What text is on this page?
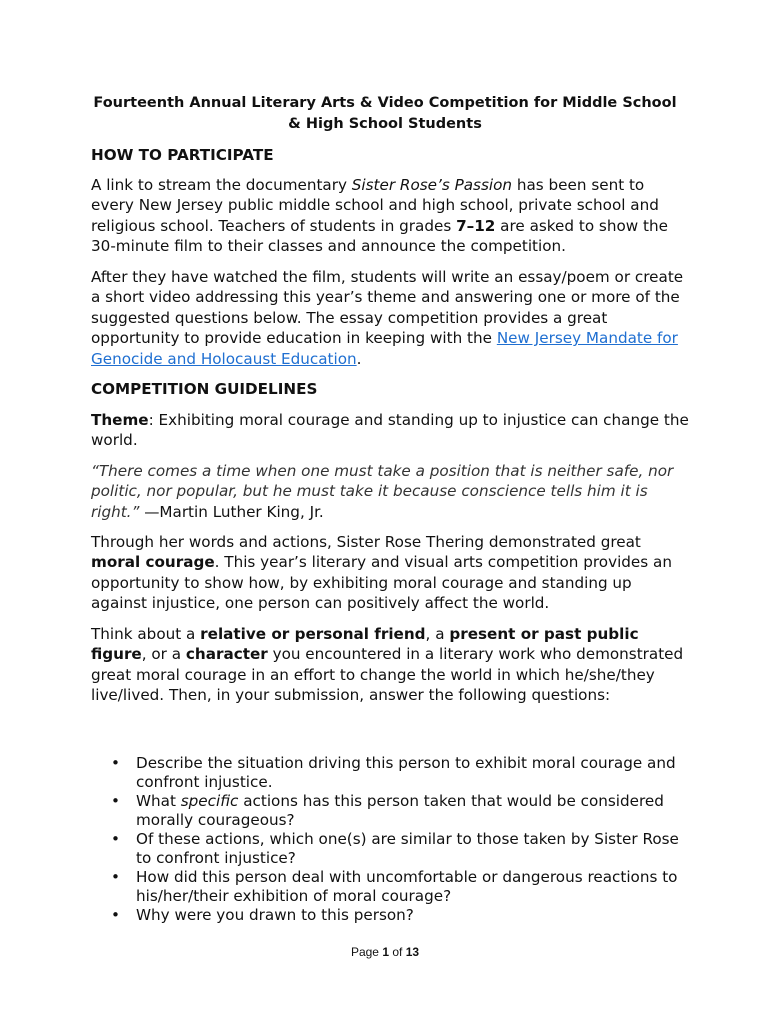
Fourteenth Annual Literary Arts & Video Competition for Middle School & High School Students
HOW TO PARTICIPATE
A link to stream the documentary Sister Rose’s Passion has been sent to every New Jersey public middle school and high school, private school and religious school. Teachers of students in grades 7–12 are asked to show the 30-minute film to their classes and announce the competition.
After they have watched the film, students will write an essay/poem or create a short video addressing this year’s theme and answering one or more of the suggested questions below. The essay competition provides a great opportunity to provide education in keeping with the New Jersey Mandate for Genocide and Holocaust Education.
COMPETITION GUIDELINES
Theme: Exhibiting moral courage and standing up to injustice can change the world.
“There comes a time when one must take a position that is neither safe, nor politic, nor popular, but he must take it because conscience tells him it is right.” —Martin Luther King, Jr.
Through her words and actions, Sister Rose Thering demonstrated great moral courage. This year’s literary and visual arts competition provides an opportunity to show how, by exhibiting moral courage and standing up against injustice, one person can positively affect the world.
Think about a relative or personal friend, a present or past public figure, or a character you encountered in a literary work who demonstrated great moral courage in an effort to change the world in which he/she/they live/lived. Then, in your submission, answer the following questions:
• Describe the situation driving this person to exhibit moral courage and confront injustice.
• What specific actions has this person taken that would be considered morally courageous?
• Of these actions, which one(s) are similar to those taken by Sister Rose to confront injustice?
• How did this person deal with uncomfortable or dangerous reactions to his/her/their exhibition of moral courage?
• Why were you drawn to this person?
Page 1 of 13
